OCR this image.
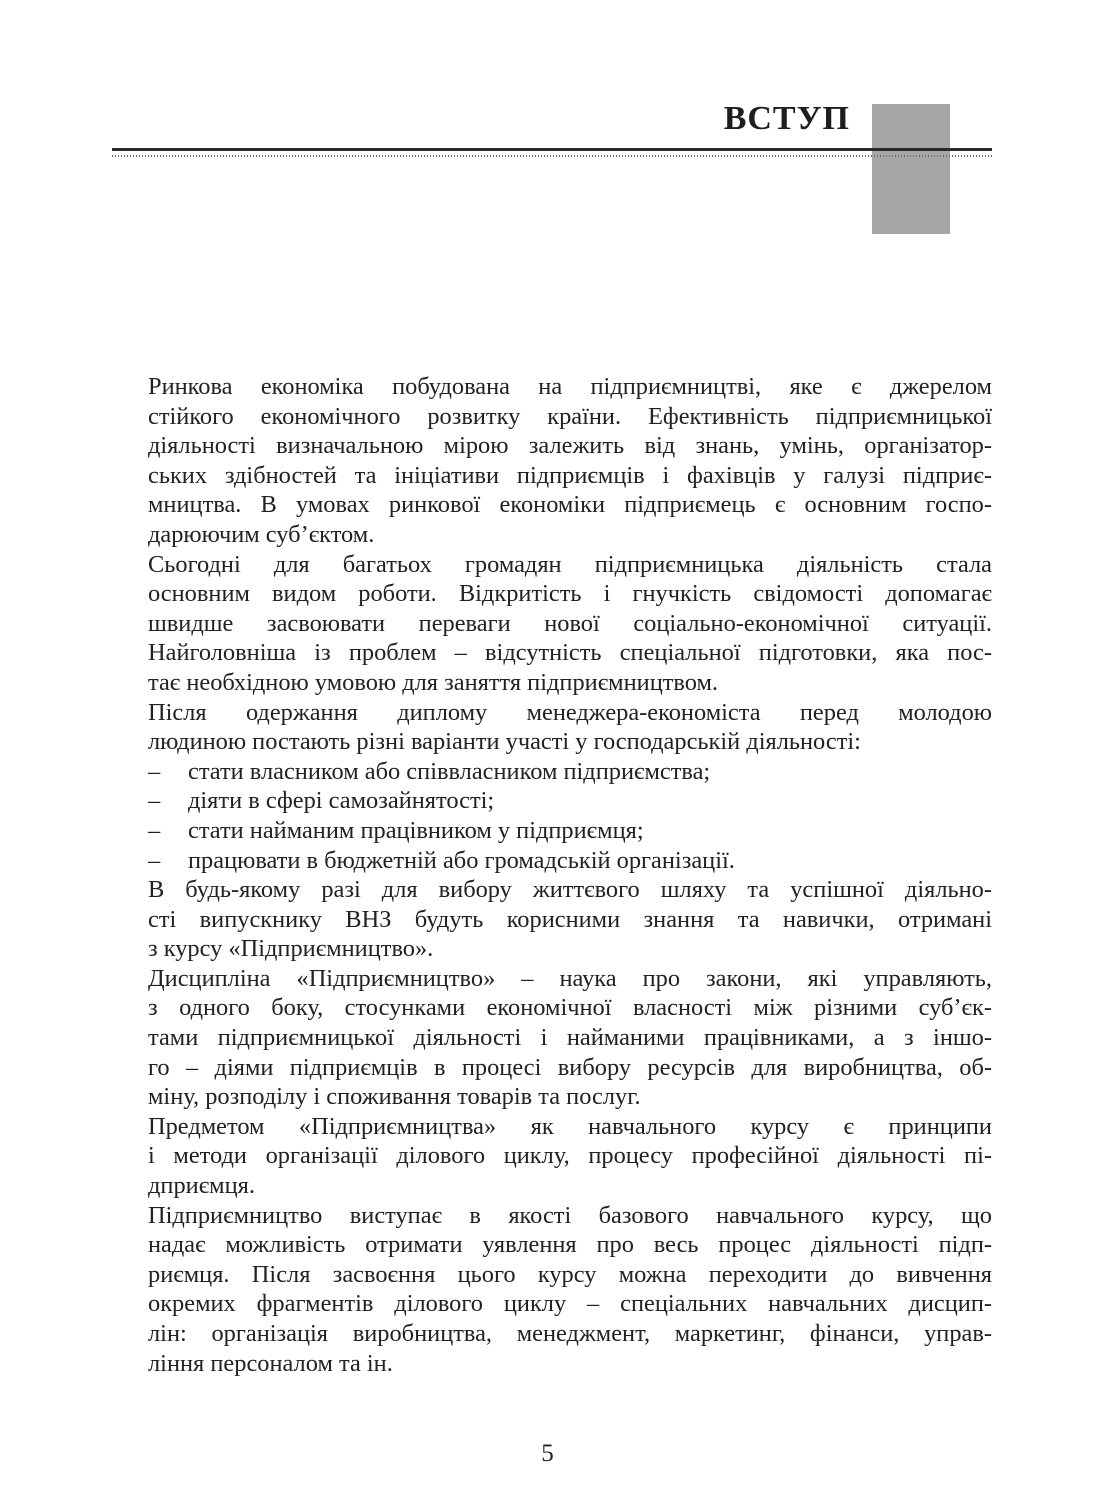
ВСТУП
Ринкова економіка побудована на підприємництві, яке є джерелом
стійкого економічного розвитку країни. Ефективність підприємницької
діяльності визначальною мірою залежить від знань, умінь, організатор-
ських здібностей та ініціативи підприємців і фахівців у галузі підприє-
мництва. В умовах ринкової економіки підприємець є основним госпо-
дарюючим суб’єктом.
Сьогодні для багатьох громадян підприємницька діяльність стала
основним видом роботи. Відкритість і гнучкість свідомості допомагає
швидше засвоювати переваги нової соціально-економічної ситуації.
Найголовніша із проблем – відсутність спеціальної підготовки, яка пос-
тає необхідною умовою для заняття підприємництвом.
Після одержання диплому менеджера-економіста перед молодою
людиною постають різні варіанти участі у господарській діяльності:
– стати власником або співвласником підприємства;
– діяти в сфері самозайнятості;
– стати найманим працівником у підприємця;
– працювати в бюджетній або громадській організації.
В будь-якому разі для вибору життєвого шляху та успішної діяльно-
сті випускнику ВНЗ будуть корисними знання та навички, отримані
з курсу «Підприємництво».
Дисципліна «Підприємництво» – наука про закони, які управляють,
з одного боку, стосунками економічної власності між різними суб’єк-
тами підприємницької діяльності і найманими працівниками, а з іншо-
го – діями підприємців в процесі вибору ресурсів для виробництва, об-
міну, розподілу і споживання товарів та послуг.
Предметом «Підприємництва» як навчального курсу є принципи
і методи організації ділового циклу, процесу професійної діяльності пі-
дприємця.
Підприємництво виступає в якості базового навчального курсу, що
надає можливість отримати уявлення про весь процес діяльності підп-
риємця. Після засвоєння цього курсу можна переходити до вивчення
окремих фрагментів ділового циклу – спеціальних навчальних дисцип-
лін: організація виробництва, менеджмент, маркетинг, фінанси, управ-
ління персоналом та ін.
5
